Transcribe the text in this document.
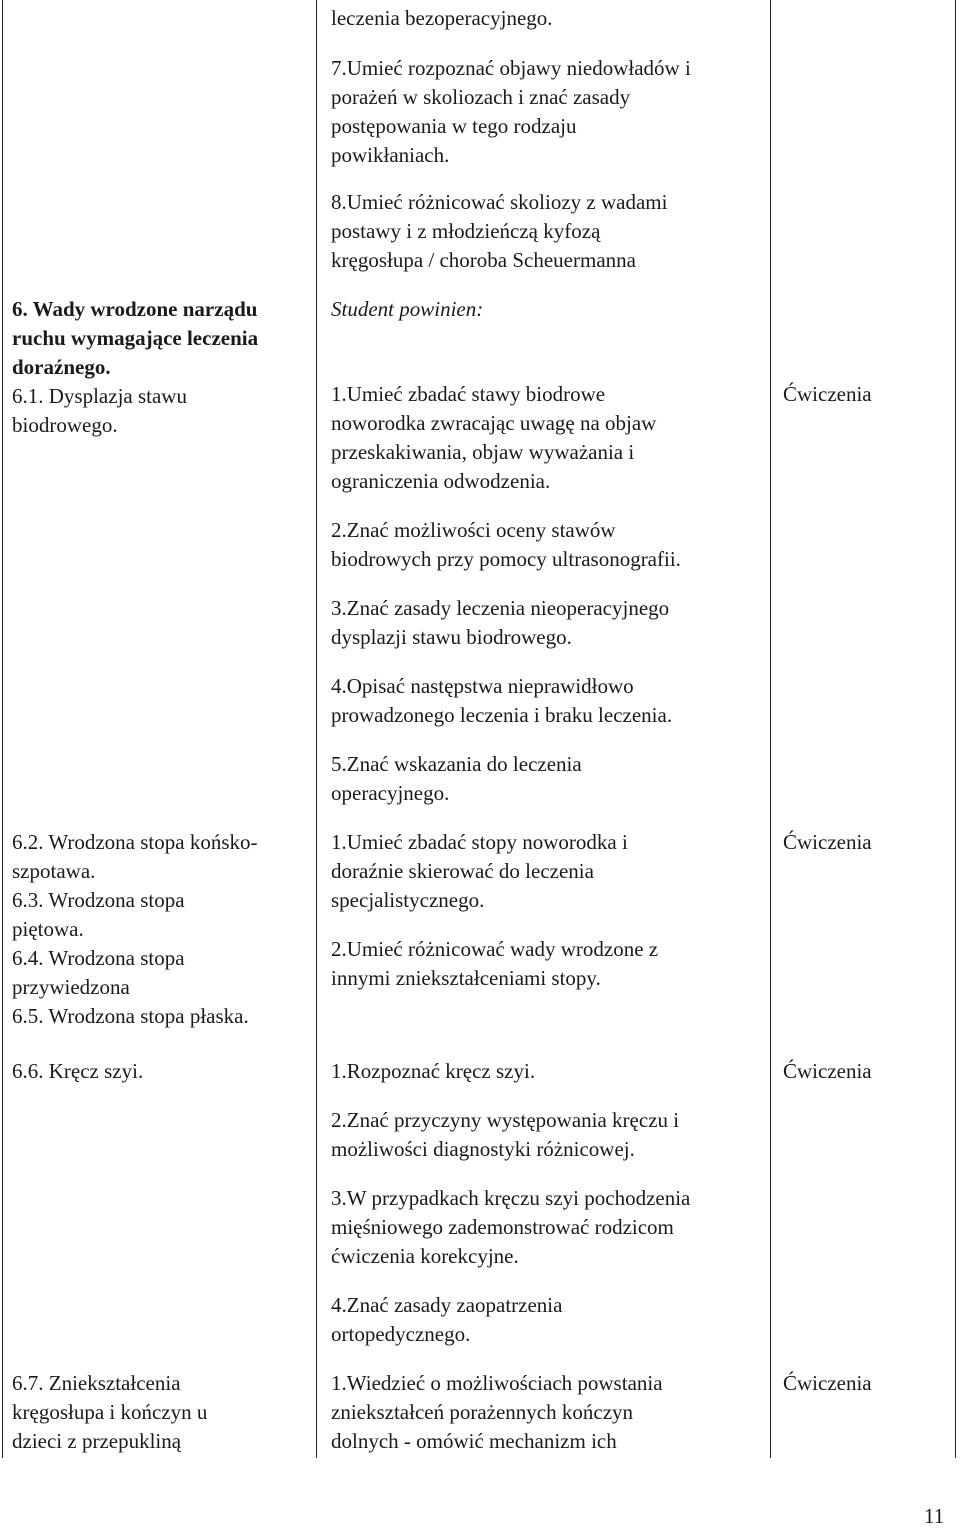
6. Wady wrodzone narządu
ruchu wymagające leczenia
doraźnego.
6.1. Dysplazja stawu
biodrowego.
6.2. Wrodzona stopa końsko-
szpotawa.
6.3. Wrodzona stopa
piętowa.
6.4. Wrodzona stopa
przywiedzona
6.5. Wrodzona stopa płaska.
6.6. Kręcz szyi.
6.7. Zniekształcenia
kręgosłupa i kończyn u
dzieci z przepukliną
leczenia bezoperacyjnego.
7.Umieć rozpoznać objawy niedowładów i
porażeń w skoliozach i znać zasady
postępowania w tego rodzaju
powikłaniach.
8.Umieć różnicować skoliozy z wadami
postawy i z młodzieńczą kyfozą
kręgosłupa / choroba Scheuermanna
Student powinien:
1.Umieć zbadać stawy biodrowe
noworodka zwracając uwagę na objaw
przeskakiwania, objaw wyważania i
ograniczenia odwodzenia.
2.Znać możliwości oceny stawów
biodrowych przy pomocy ultrasonografii.
3.Znać zasady leczenia nieoperacyjnego
dysplazji stawu biodrowego.
4.Opisać następstwa nieprawidłowo
prowadzonego leczenia i braku leczenia.
5.Znać wskazania do leczenia
operacyjnego.
1.Umieć zbadać stopy noworodka i
doraźnie skierować do leczenia
specjalistycznego.
2.Umieć różnicować wady wrodzone z
innymi zniekształceniami stopy.
1.Rozpoznać kręcz szyi.
2.Znać przyczyny występowania kręczu i
możliwości diagnostyki różnicowej.
3.W przypadkach kręczu szyi pochodzenia
mięśniowego zademonstrować rodzicom
ćwiczenia korekcyjne.
4.Znać zasady zaopatrzenia
ortopedycznego.
1.Wiedzieć o możliwościach powstania
zniekształceń porażennych kończyn
dolnych - omówić mechanizm ich
Ćwiczenia
Ćwiczenia
Ćwiczenia
Ćwiczenia
11
